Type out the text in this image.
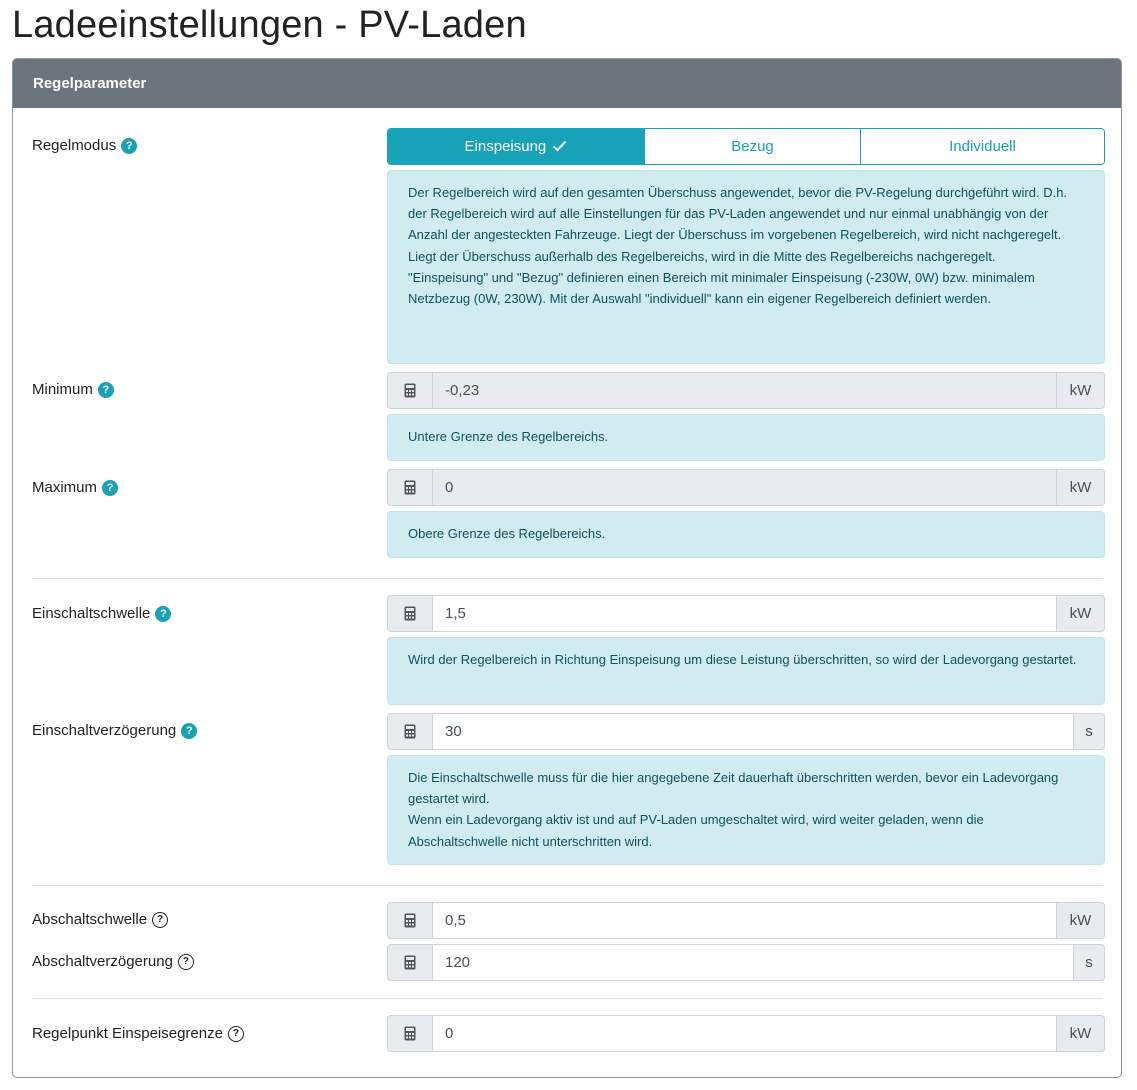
Ladeeinstellungen - PV-Laden
Regelparameter
Regelmodus ?	Einspeisung	Bezug	Individuell

Der Regelbereich wird auf den gesamten Überschuss angewendet, bevor die PV-Regelung durchgeführt wird. D.h. der Regelbereich wird auf alle Einstellungen für das PV-Laden angewendet und nur einmal unabhängig von der Anzahl der angesteckten Fahrzeuge. Liegt der Überschuss im vorgebenen Regelbereich, wird nicht nachgeregelt. Liegt der Überschuss außerhalb des Regelbereichs, wird in die Mitte des Regelbereichs nachgeregelt.

"Einspeisung" und "Bezug" definieren einen Bereich mit minimaler Einspeisung (-230W, 0W) bzw. minimalem Netzbezug (0W, 230W). Mit der Auswahl "individuell" kann ein eigener Regelbereich definiert werden.

Minimum ?
-0,23	kW

Untere Grenze des Regelbereichs.

Maximum ?
0	kW

Obere Grenze des Regelbereichs.

Einschaltschwelle ?
1,5	kW

Wird der Regelbereich in Richtung Einspeisung um diese Leistung überschritten, so wird der Ladevorgang gestartet.

Einschaltverzögerung ?
30	s

Die Einschaltschwelle muss für die hier angegebene Zeit dauerhaft überschritten werden, bevor ein Ladevorgang gestartet wird.

Wenn ein Ladevorgang aktiv ist und auf PV-Laden umgeschaltet wird, wird weiter geladen, wenn die Abschaltschwelle nicht unterschritten wird.

Abschaltschwelle ?
0,5	kW
Abschaltverzögerung ?
120	s
Regelpunkt Einspeisegrenze ?
0	kW
